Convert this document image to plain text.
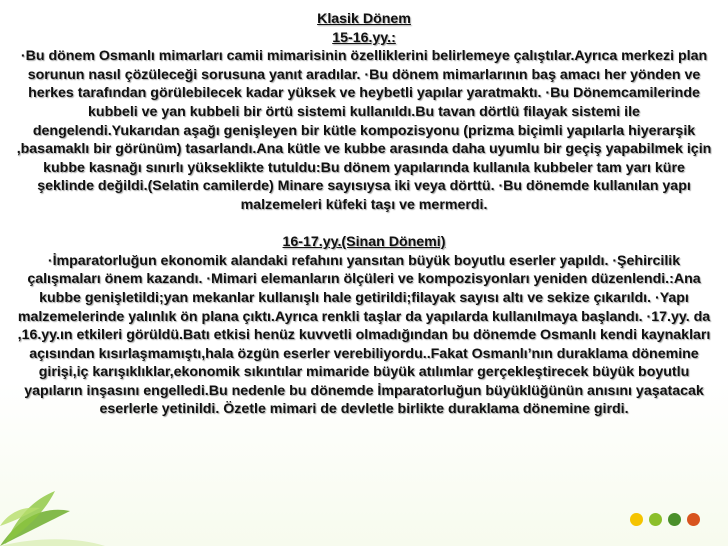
Klasik Dönem
15-16.yy.:

·Bu dönem Osmanlı mimarları camii mimarisinin özelliklerini belirlemeye çalıştılar.Ayrıca merkezi plan sorunun nasıl çözüleceği sorusuna yanıt aradılar. ·Bu dönem mimarlarının baş amacı her yönden ve herkes tarafından görülebilecek kadar yüksek ve heybetli yapılar yaratmaktı. ·Bu Dönemcamilerinde kubbeli ve yan kubbeli bir örtü sistemi kullanıldı.Bu tavan dörtlü filayak sistemi ile dengelendi.Yukarıdan aşağı genişleyen bir kütle kompozisyonu (prizma biçimli yapılarla hiyerarşik ,basamaklı bir görünüm) tasarlandı.Ana kütle ve kubbe arasında daha uyumlu bir geçiş yapabilmek için kubbe kasnağı sınırlı yükseklikte tutuldu:Bu dönem yapılarında kullanıla kubbeler tam yarı küre şeklinde değildi.(Selatin camilerde) Minare sayısıysa iki veya dörttü. ·Bu dönemde kullanılan yapı malzemeleri küfeki taşı ve mermerdi.

16-17.yy.(Sinan Dönemi)

·İmparatorluğun ekonomik alandaki refahını yansıtan büyük boyutlu eserler yapıldı. ·Şehircilik çalışmaları önem kazandı. ·Mimari elemanların ölçüleri ve kompozisyonları yeniden düzenlendi.:Ana kubbe genişletildi;yan mekanlar kullanışlı hale getirildi;filayak sayısı altı ve sekize çıkarıldı. ·Yapı malzemelerinde yalınlık ön plana çıktı.Ayrıca renkli taşlar da yapılarda kullanılmaya başlandı. ·17.yy. da ,16.yy.ın etkileri görüldü.Batı etkisi henüz kuvvetli olmadığından bu dönemde Osmanlı kendi kaynakları açısından kısırlaşmamıştı,hala özgün eserler verebiliyordu..Fakat Osmanlı’nın duraklama dönemine girişi,iç karışıklıklar,ekonomik sıkıntılar mimaride büyük atılımlar gerçekleştirecek büyük boyutlu yapıların inşasını engelledi.Bu nedenle bu dönemde İmparatorluğun büyüklüğünün anısını yaşatacak eserlerle yetinildi. Özetle mimari de devletle birlikte duraklama dönemine girdi.
